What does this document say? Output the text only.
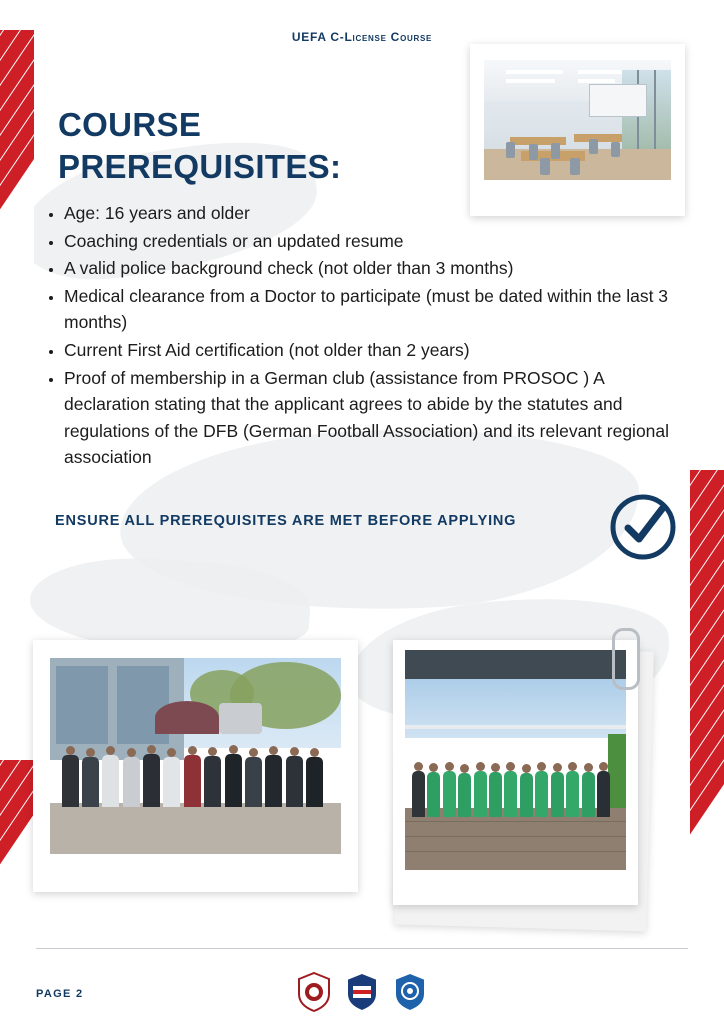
UEFA C-License Course
COURSE
PREREQUISITES:
• Age: 16 years and older
• Coaching credentials or an updated resume
• A valid police background check (not older than 3 months)
• Medical clearance from a Doctor to participate (must be dated within the last 3 months)
• Current First Aid certification (not older than 2 years)
• Proof of membership in a German club (assistance from PROSOC ) A declaration stating that the applicant agrees to abide by the statutes and regulations of the DFB (German Football Association) and its relevant regional association
ENSURE ALL PREREQUISITES ARE MET BEFORE APPLYING
PAGE 2
